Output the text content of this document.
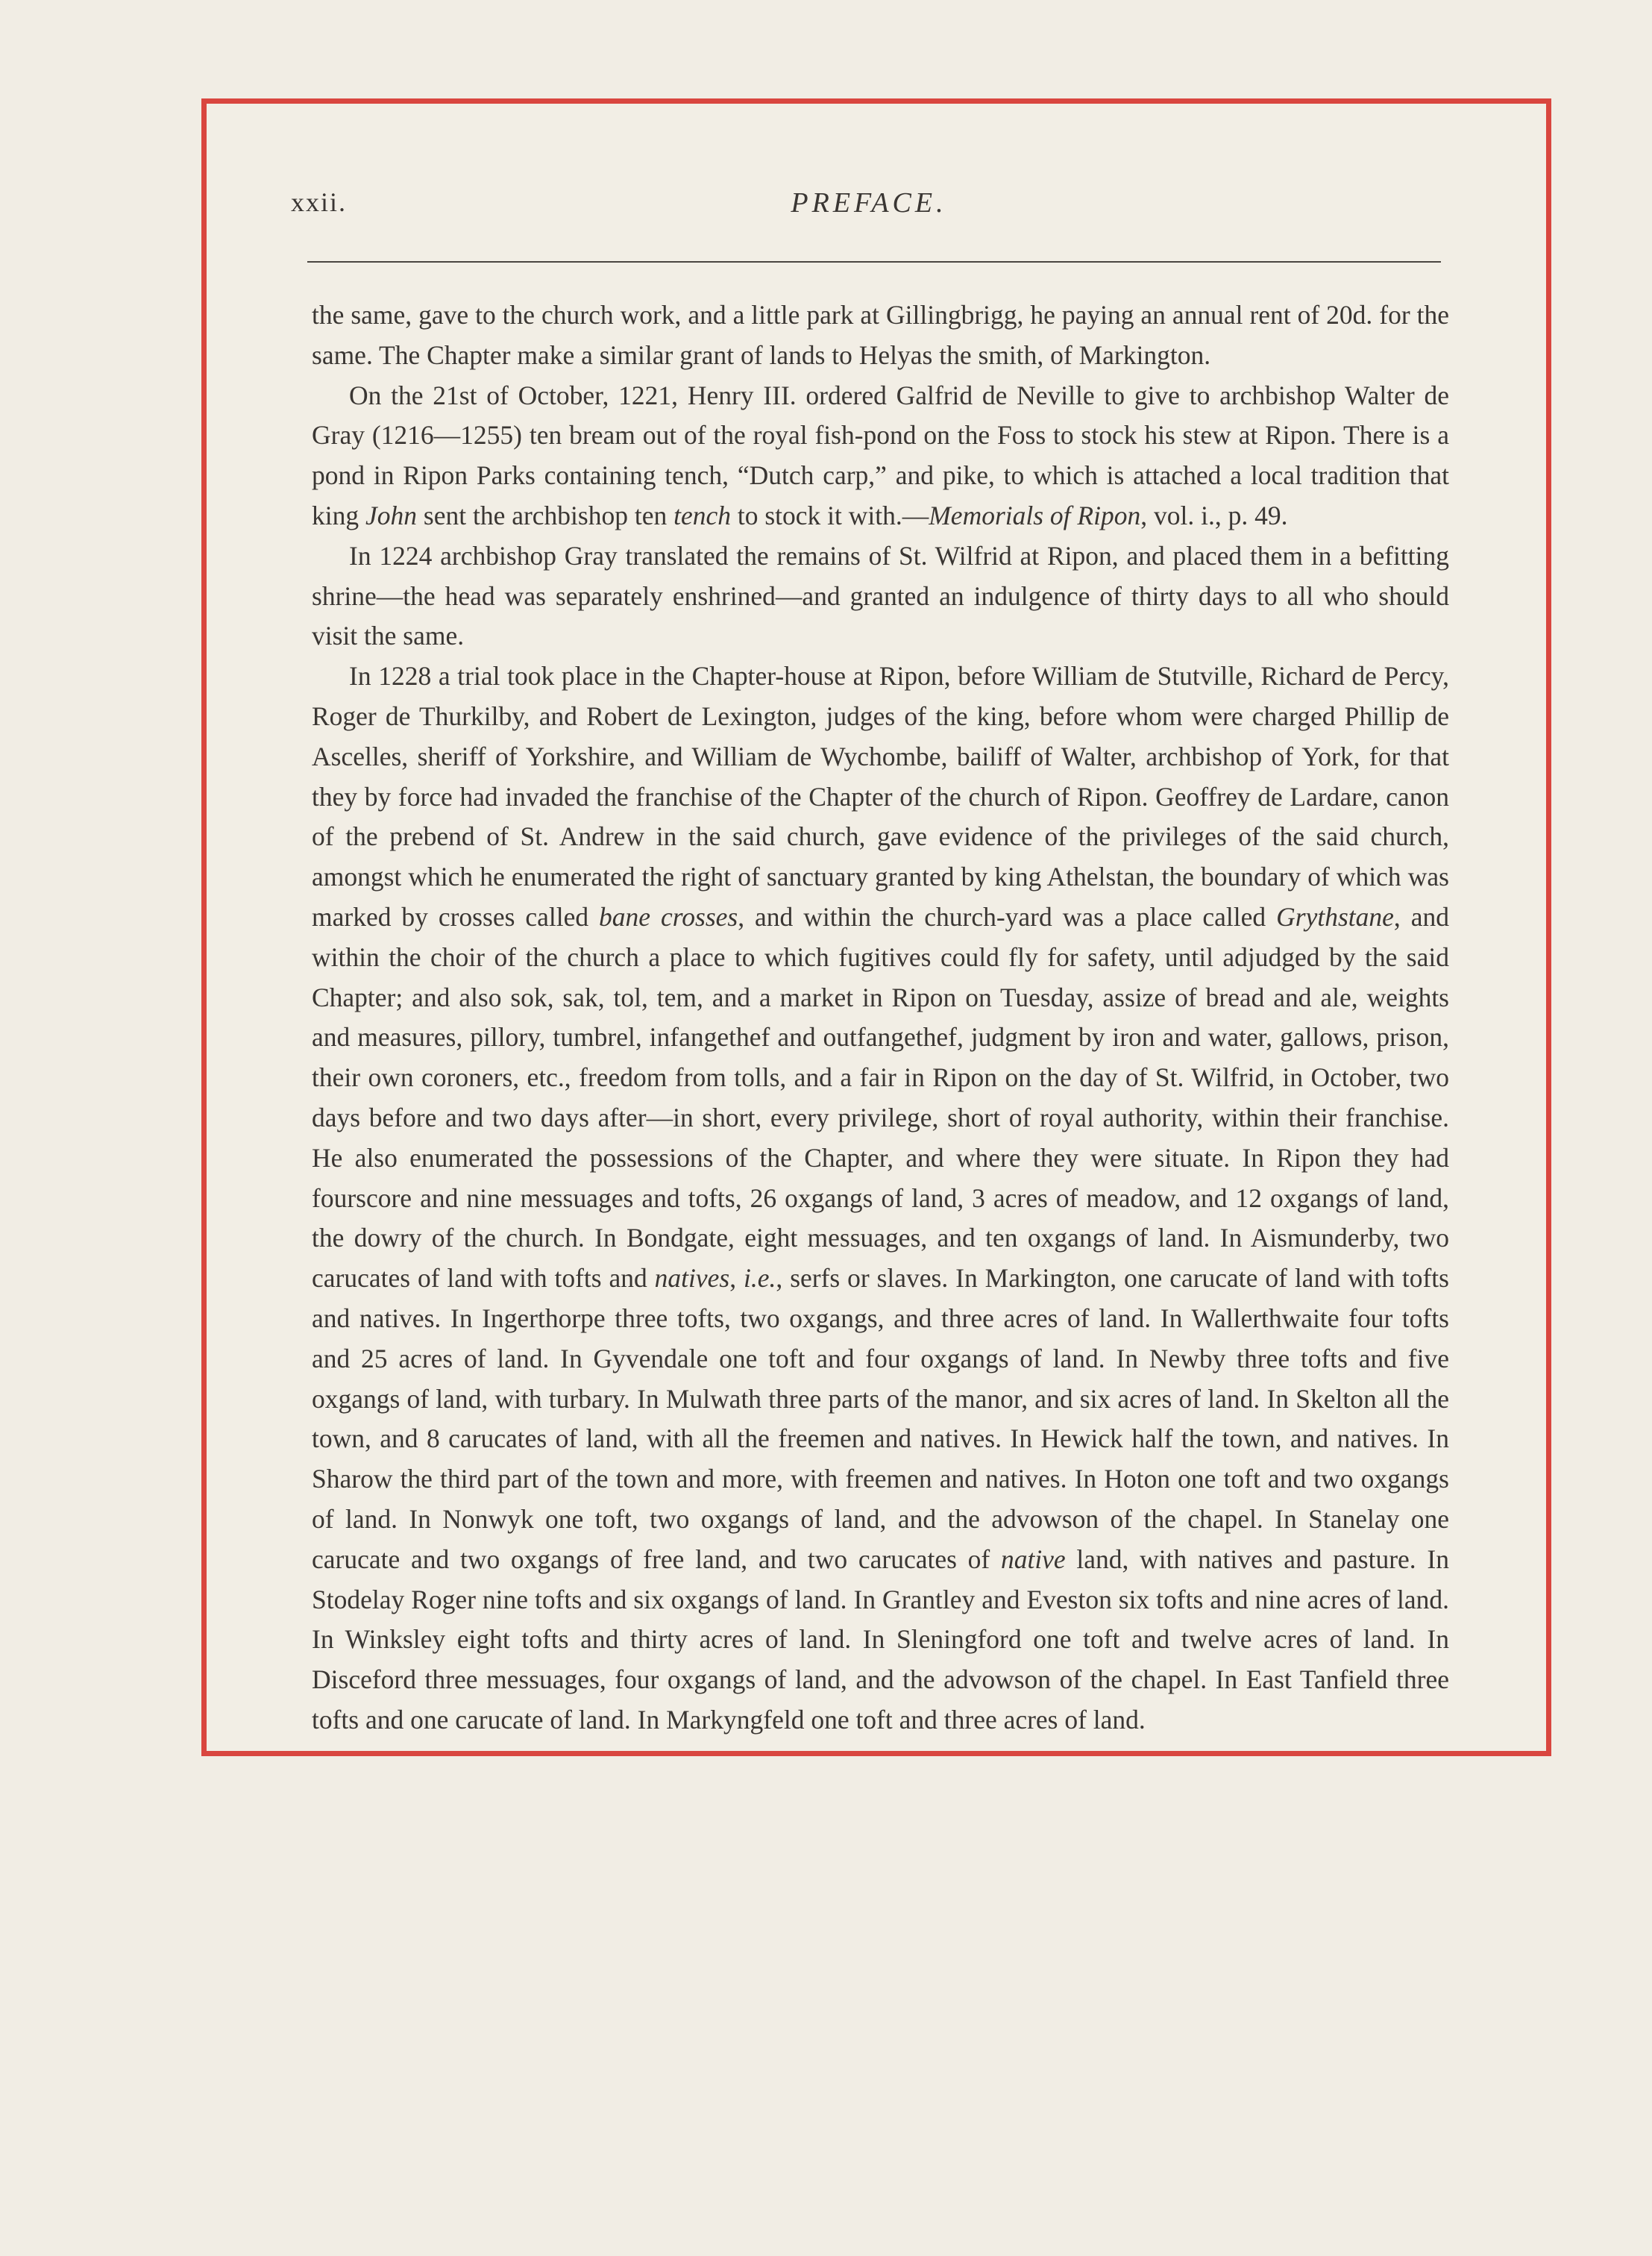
xxii.	PREFACE.

the same, gave to the church work, and a little park at Gillingbrigg, he paying an annual rent of 20d. for the same. The Chapter make a similar grant of lands to Helyas the smith, of Markington.

On the 21st of October, 1221, Henry III. ordered Galfrid de Neville to give to archbishop Walter de Gray (1216—1255) ten bream out of the royal fish-pond on the Foss to stock his stew at Ripon. There is a pond in Ripon Parks containing tench, “Dutch carp,” and pike, to which is attached a local tradition that king John sent the archbishop ten tench to stock it with.—Memorials of Ripon, vol. i., p. 49.

In 1224 archbishop Gray translated the remains of St. Wilfrid at Ripon, and placed them in a befitting shrine—the head was separately enshrined—and granted an indulgence of thirty days to all who should visit the same.

In 1228 a trial took place in the Chapter-house at Ripon, before William de Stutville, Richard de Percy, Roger de Thurkilby, and Robert de Lexington, judges of the king, before whom were charged Phillip de Ascelles, sheriff of Yorkshire, and William de Wychombe, bailiff of Walter, archbishop of York, for that they by force had invaded the franchise of the Chapter of the church of Ripon. Geoffrey de Lardare, canon of the prebend of St. Andrew in the said church, gave evidence of the privileges of the said church, amongst which he enumerated the right of sanctuary granted by king Athelstan, the boundary of which was marked by crosses called bane crosses, and within the church-yard was a place called Grythstane, and within the choir of the church a place to which fugitives could fly for safety, until adjudged by the said Chapter; and also sok, sak, tol, tem, and a market in Ripon on Tuesday, assize of bread and ale, weights and measures, pillory, tumbrel, infangethef and outfangethef, judgment by iron and water, gallows, prison, their own coroners, etc., freedom from tolls, and a fair in Ripon on the day of St. Wilfrid, in October, two days before and two days after—in short, every privilege, short of royal authority, within their franchise. He also enumerated the possessions of the Chapter, and where they were situate. In Ripon they had fourscore and nine messuages and tofts, 26 oxgangs of land, 3 acres of meadow, and 12 oxgangs of land, the dowry of the church. In Bondgate, eight messuages, and ten oxgangs of land. In Aismunderby, two carucates of land with tofts and natives, i.e., serfs or slaves. In Markington, one carucate of land with tofts and natives. In Ingerthorpe three tofts, two oxgangs, and three acres of land. In Wallerthwaite four tofts and 25 acres of land. In Gyvendale one toft and four oxgangs of land. In Newby three tofts and five oxgangs of land, with turbary. In Mulwath three parts of the manor, and six acres of land. In Skelton all the town, and 8 carucates of land, with all the freemen and natives. In Hewick half the town, and natives. In Sharow the third part of the town and more, with freemen and natives. In Hoton one toft and two oxgangs of land. In Nonwyk one toft, two oxgangs of land, and the advowson of the chapel. In Stanelay one carucate and two oxgangs of free land, and two carucates of native land, with natives and pasture. In Stodelay Roger nine tofts and six oxgangs of land. In Grantley and Eveston six tofts and nine acres of land. In Winksley eight tofts and thirty acres of land. In Sleningford one toft and twelve acres of land. In Disceford three messuages, four oxgangs of land, and the advowson of the chapel. In East Tanfield three tofts and one carucate of land. In Markyngfeld one toft and three acres of land.
